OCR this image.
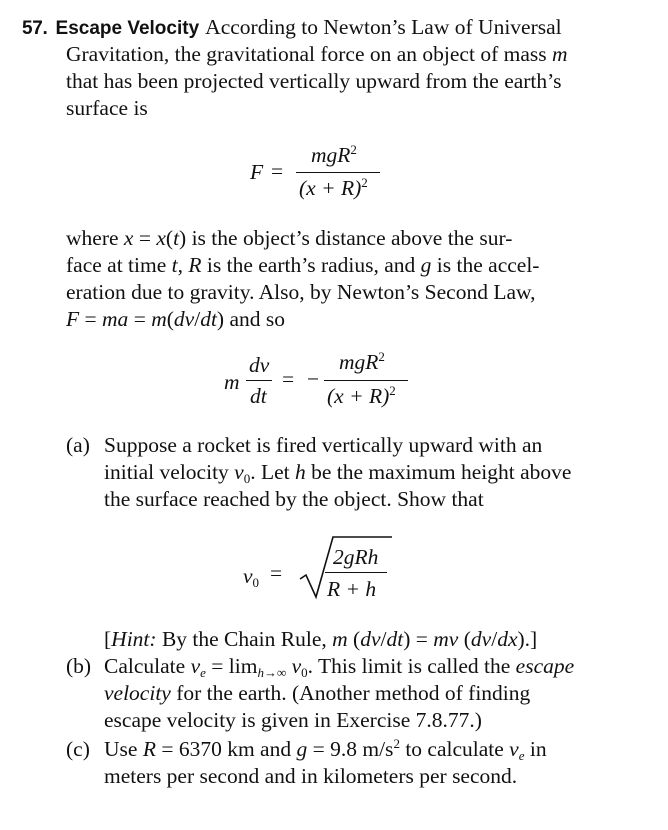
57. Escape Velocity According to Newton’s Law of Universal
Gravitation, the gravitational force on an object of mass m
that has been projected vertically upward from the earth’s
surface is
F =
mgR$^2$
$(x + R)^2$
where x = x(t) is the object’s distance above the sur-
face at time t, R is the earth’s radius, and g is the accel-
eration due to gravity. Also, by Newton’s Second Law,
F = ma = m(dv/dt) and so
m
dv
dt
= −
mgR$^2$
$(x + R)^2$
(a) Suppose a rocket is fired vertically upward with an
initial velocity $v_0$. Let h be the maximum height above
the surface reached by the object. Show that
$v_0$ =
2gRh
R + h
[Hint: By the Chain Rule, m (dv/dt) = mv (dv/dx).]
(b) Calculate $v_e = \lim h\to\infty$ $v_0$. This limit is called the escape
velocity for the earth. (Another method of finding
escape velocity is given in Exercise 7.8.77.)
(c) Use R = 6370 km and g = 9.8 $m/s^2$ to calculate $v_e$ in
meters per second and in kilometers per second.
